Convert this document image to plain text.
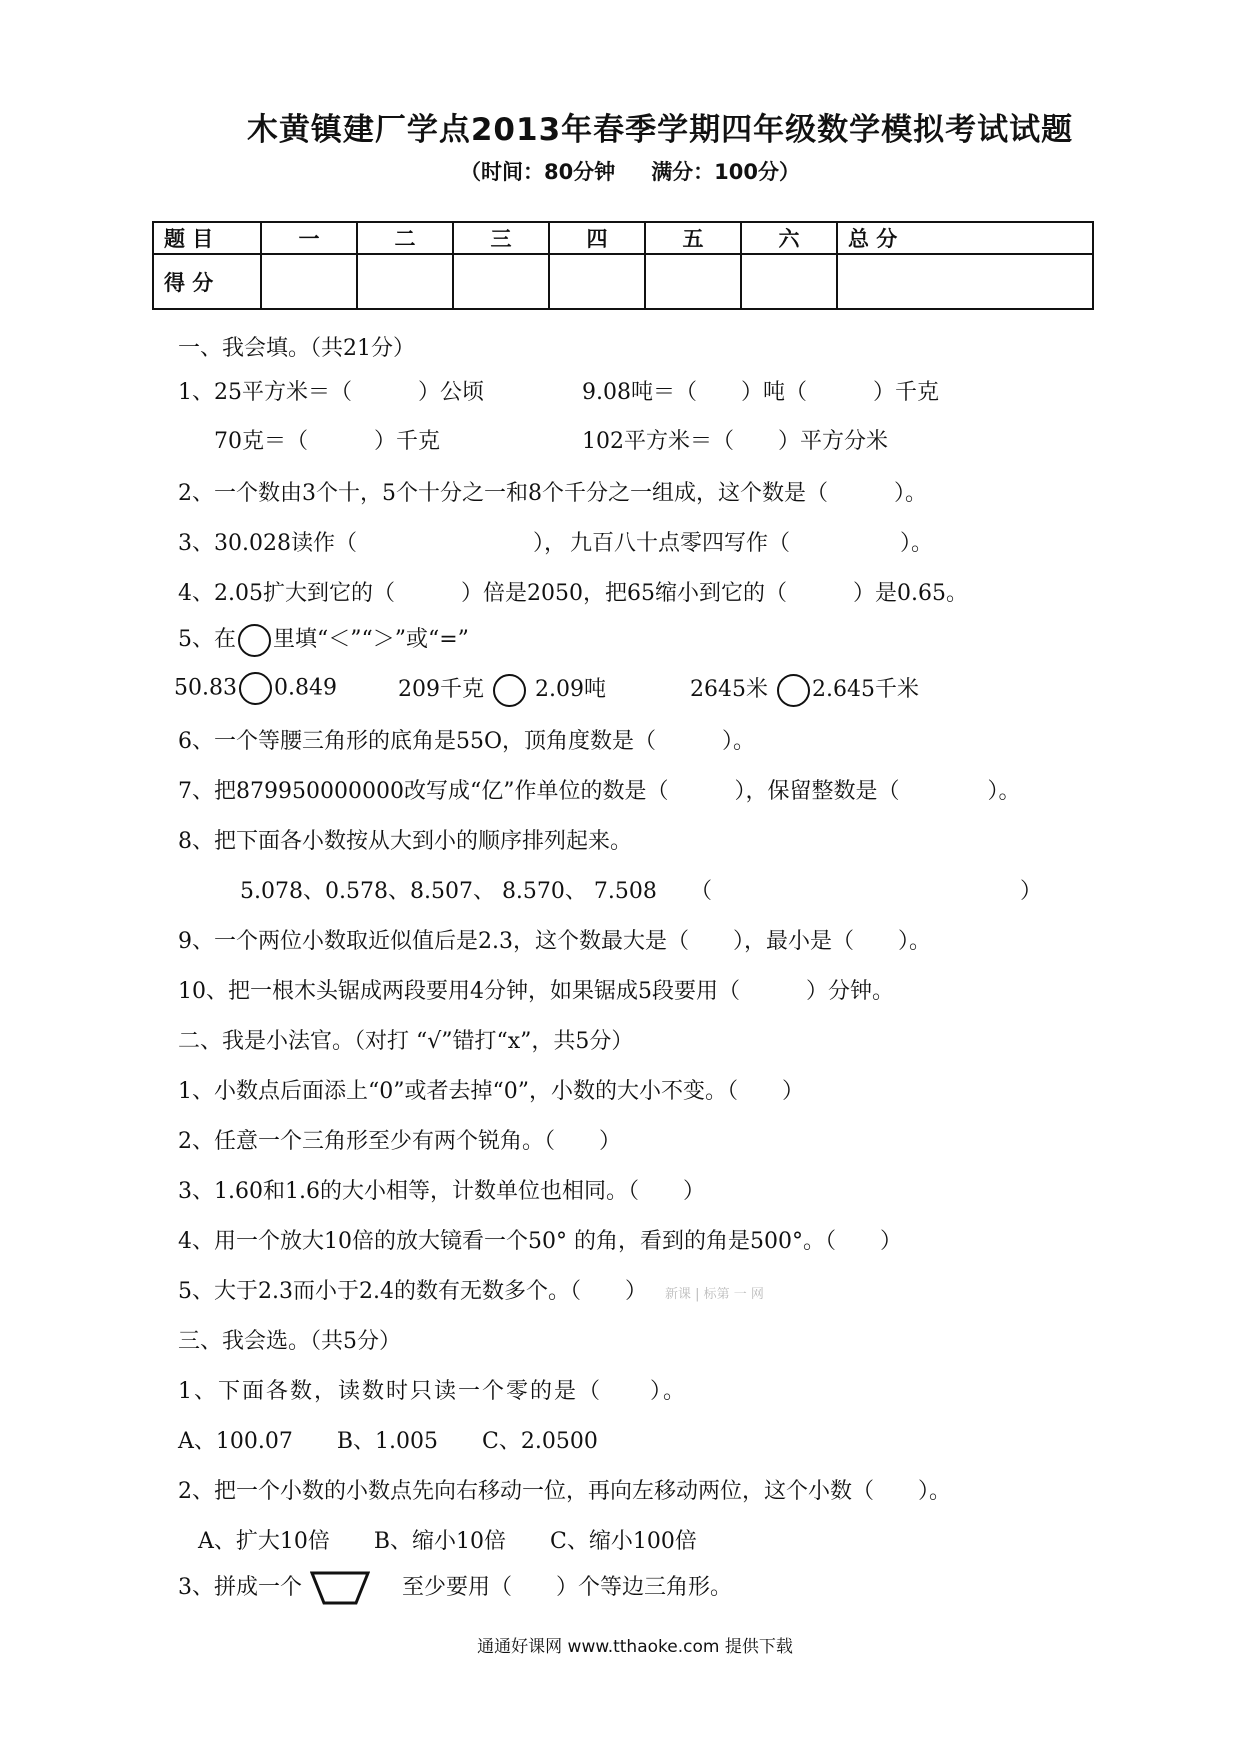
木黄镇建厂学点2013年春季学期四年级数学模拟考试试题
（时间：80分钟 满分：100分）
题 目	一	二	三	四	五	六	总 分
得 分							
一、我会填。（共21分）
1、25平方米＝（　　　）公顷	9.08吨＝（　　）吨（　　　）千克
70克＝（　　　）千克	102平方米＝（　　）平方分米
2、一个数由3个十，5个十分之一和8个千分之一组成，这个数是（　　　）。
3、30.028读作（　　　　　　　　）， 九百八十点零四写作（　　　　　）。
4、2.05扩大到它的（　　　）倍是2050，把65缩小到它的（　　　）是0.65。
5、在 里填“＜”“＞”或“=”
50.83 0.849	209千克 2.09吨	2645米 2.645千米
6、一个等腰三角形的底角是55O，顶角度数是（　　　）。
7、把879950000000改写成“亿”作单位的数是（　　　），保留整数是（　　　　）。
8、把下面各小数按从大到小的顺序排列起来。
5.078、0.578、8.507、 8.570、 7.508 （　　　　　　　　　　　　　　）
9、一个两位小数取近似值后是2.3，这个数最大是（　　），最小是（　　）。
10、把一根木头锯成两段要用4分钟，如果锯成5段要用（　　　）分钟。
二、我是小法官。（对打 “√”错打“ⅹ”，共5分）
1、小数点后面添上“0”或者去掉“0”，小数的大小不变。（　　）
2、任意一个三角形至少有两个锐角。（　　）
3、1.60和1.6的大小相等，计数单位也相同。（　　）
4、用一个放大10倍的放大镜看一个50° 的角，看到的角是500°。（　　）
5、大于2.3而小于2.4的数有无数多个。（　　） 新课 | 标第 一 网
三、我会选。（共5分）
1、下面各数，读数时只读一个零的是（　　）。
A、100.07　　B、1.005　　C、2.0500
2、把一个小数的小数点先向右移动一位，再向左移动两位，这个小数（　　）。
A、扩大10倍　　B、缩小10倍　　C、缩小100倍
3、拼成一个	至少要用（　　）个等边三角形。
通通好课网 www.tthaoke.com 提供下载
